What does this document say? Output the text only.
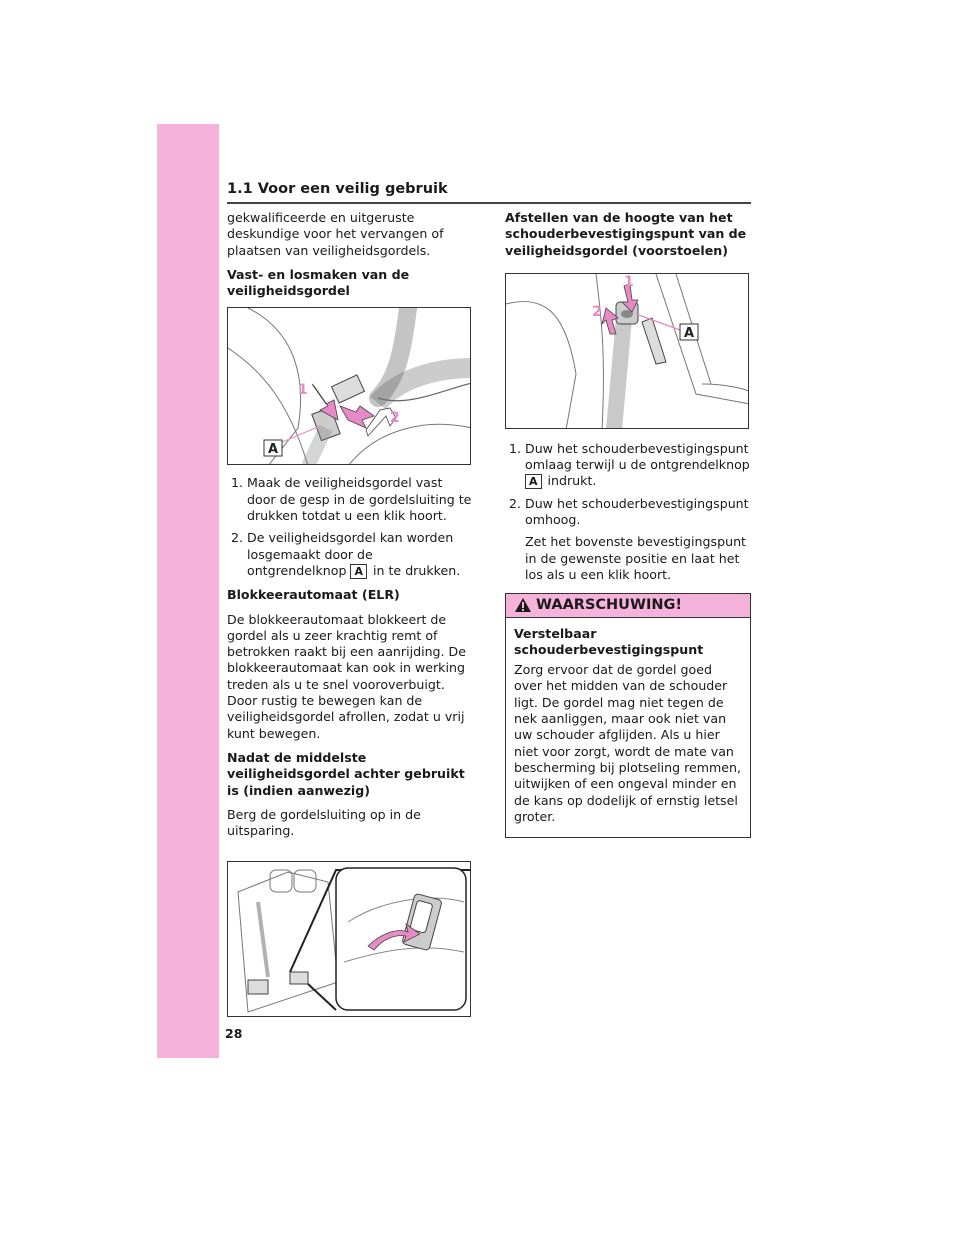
1.1 Voor een veilig gebruik

gekwalificeerde en uitgeruste deskundige voor het vervangen of plaatsen van veiligheidsgordels.

Vast- en losmaken van de veiligheidsgordel
A
1
2
1. Maak de veiligheidsgordel vast door de gesp in de gordelsluiting te drukken totdat u een klik hoort.
2. De veiligheidsgordel kan worden losgemaakt door de ontgrendelknop A in te drukken.
Blokkeerautomaat (ELR)

De blokkeerautomaat blokkeert de gordel als u zeer krachtig remt of betrokken raakt bij een aanrijding. De blokkeerautomaat kan ook in werking treden als u te snel vooroverbuigt. Door rustig te bewegen kan de veiligheidsgordel afrollen, zodat u vrij kunt bewegen.

Nadat de middelste veiligheidsgordel achter gebruikt is (indien aanwezig)

Berg de gordelsluiting op in de uitsparing.

Afstellen van de hoogte van het schouderbevestigingspunt van de veiligheidsgordel (voorstoelen)
A
1
2
1. Duw het schouderbevestigingspunt omlaag terwijl u de ontgrendelknop A indrukt.
2. Duw het schouderbevestigingspunt omhoog.
Zet het bovenste bevestigingspunt in de gewenste positie en laat het los als u een klik hoort.
WAARSCHUWING!
Verstelbaar schouderbevestigingspunt

Zorg ervoor dat de gordel goed over het midden van de schouder ligt. De gordel mag niet tegen de nek aanliggen, maar ook niet van uw schouder afglijden. Als u hier niet voor zorgt, wordt de mate van bescherming bij plotseling remmen, uitwijken of een ongeval minder en de kans op dodelijk of ernstig letsel groter.

28
